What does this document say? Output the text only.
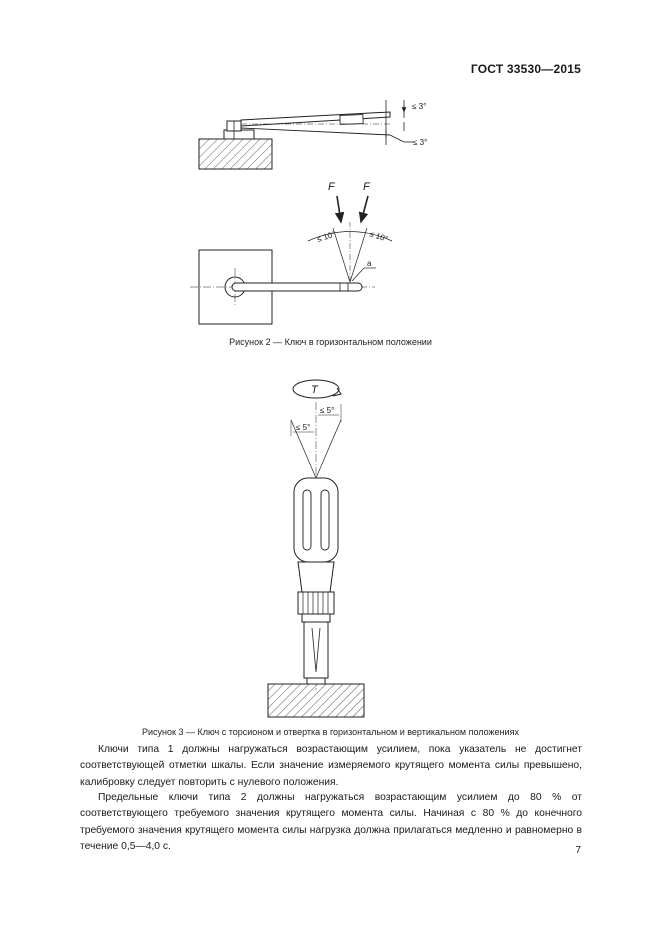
ГОСТ 33530—2015
≤ 3°
≤ 3°
F	F
≤ 10°	≤ 10°
a
T
≤ 5°
≤ 5°
Рисунок 2 — Ключ в горизонтальном положении
Рисунок 3 — Ключ с торсионом и отвертка в горизонтальном и вертикальном положениях
Ключи типа 1 должны нагружаться возрастающим усилием, пока указатель не достигнет соответствующей отметки шкалы. Если значение измеряемого крутящего момента силы превышено, калибровку следует повторить с нулевого положения.
Предельные ключи типа 2 должны нагружаться возрастающим усилием до 80 % от соответствующего требуемого значения крутящего момента силы. Начиная с 80 % до конечного требуемого значения крутящего момента силы нагрузка должна прилагаться медленно и равномерно в течение 0,5—4,0 с.	7
